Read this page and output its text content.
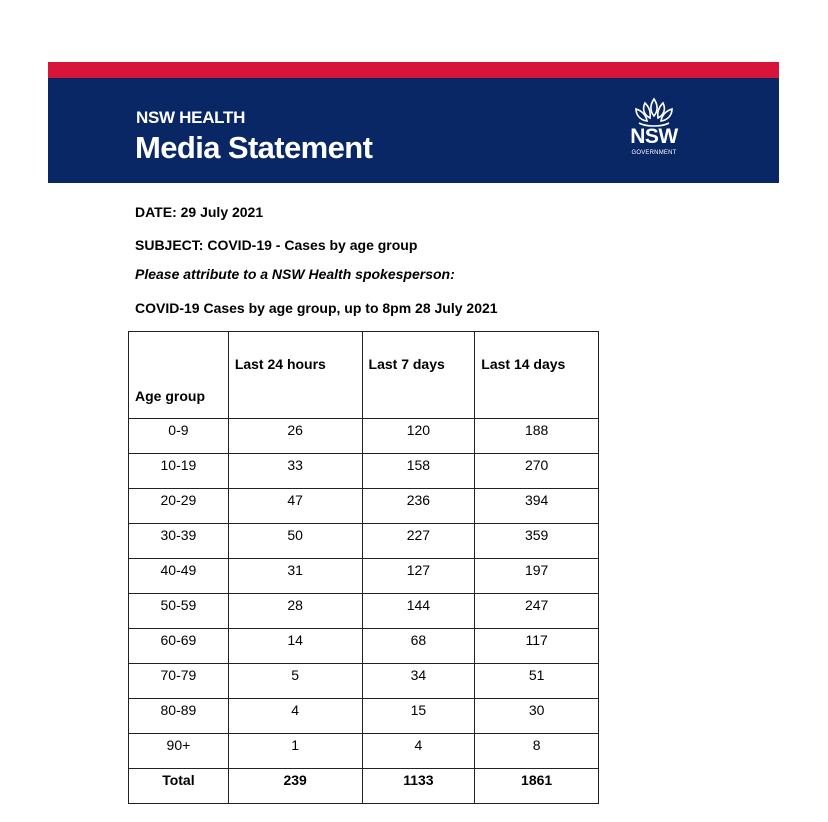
NSW HEALTH
Media Statement	NSW
GOVERNMENT
DATE: 29 July 2021
SUBJECT: COVID-19 - Cases by age group
Please attribute to a NSW Health spokesperson:
COVID-19 Cases by age group, up to 8pm 28 July 2021
Age group	Last 24 hours	Last 7 days	Last 14 days
0-9	26	120	188
10-19	33	158	270
20-29	47	236	394
30-39	50	227	359
40-49	31	127	197
50-59	28	144	247
60-69	14	68	117
70-79	5	34	51
80-89	4	15	30
90+	1	4	8
Total	239	1133	1861
